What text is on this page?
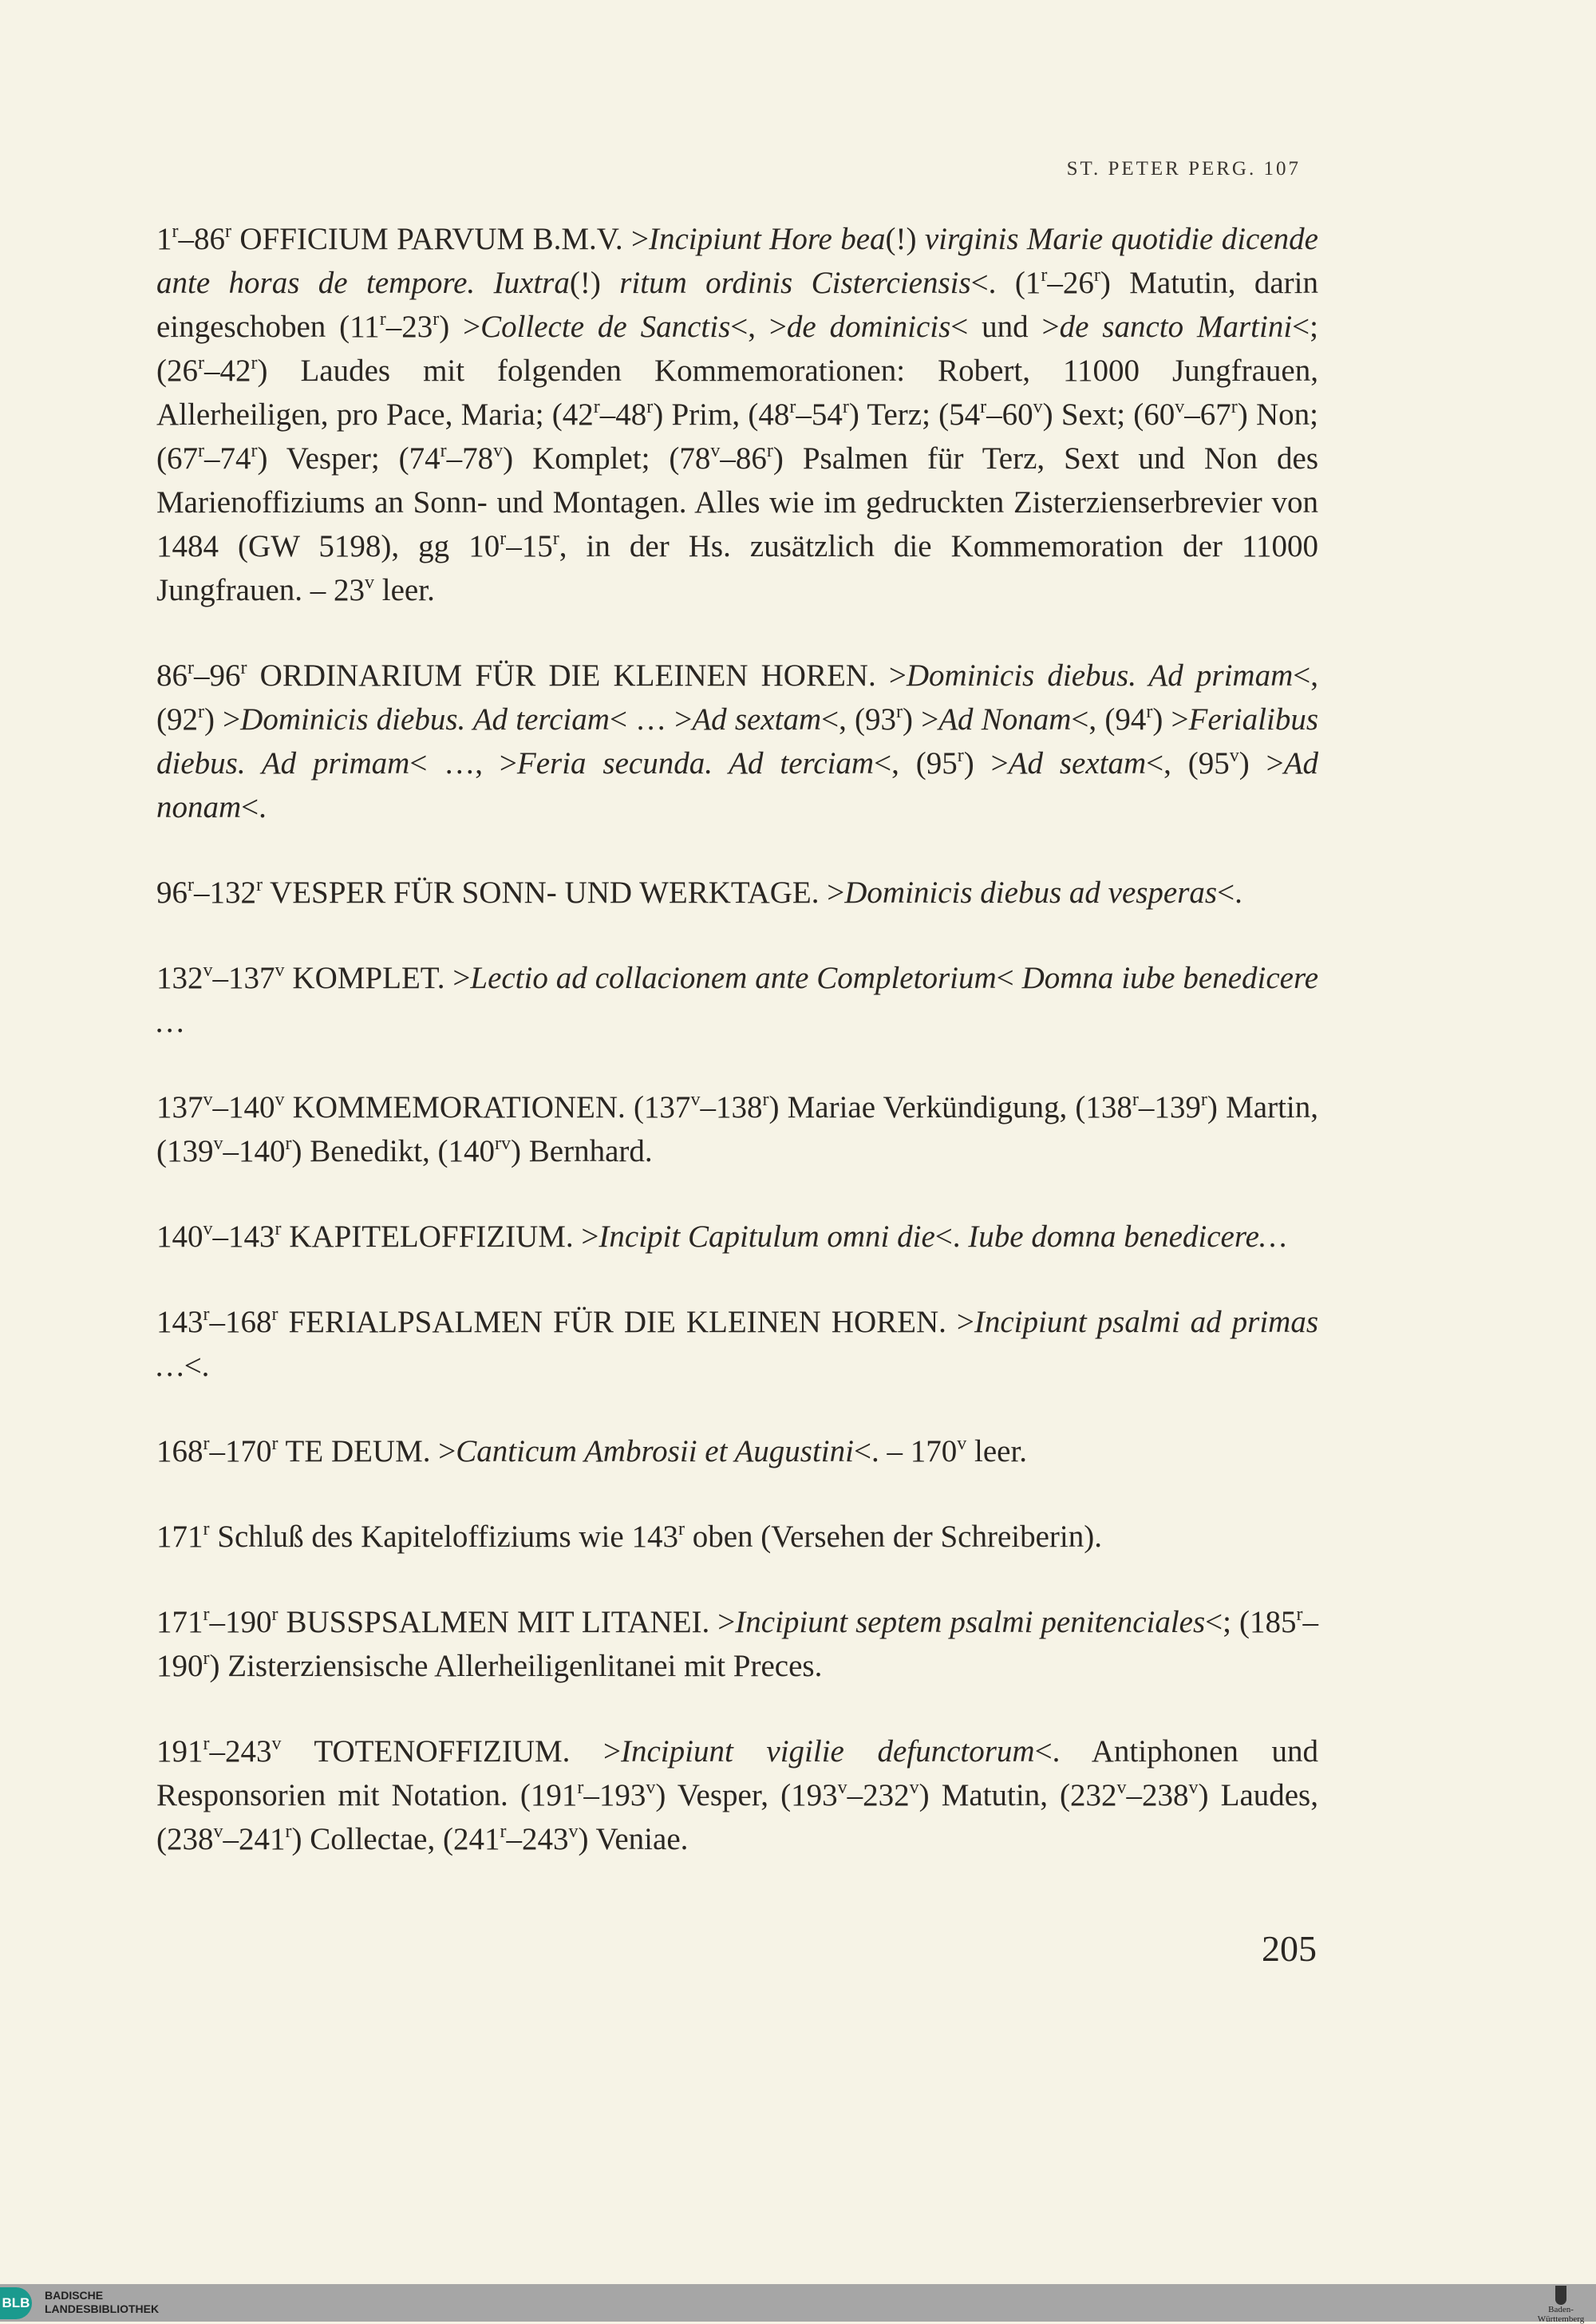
ST. PETER PERG. 107

1$^r$–86$^r$ OFFICIUM PARVUM B.M.V. >Incipiunt Hore bea(!) virginis Marie quotidie dicende ante horas de tempore. Iuxtra(!) ritum ordinis Cisterciensis<. (1$^r$–26$^r$) Matutin, darin eingeschoben $(11^r-23^r)$ >Collecte de Sanctis<, >de dominicis< und >de sancto Martini<; (26$^r$–42$^r$) Laudes mit folgenden Kommemorationen: Robert, 11000 Jungfrauen, Allerheiligen, pro Pace, Maria; (42$^r$–48$^r$) Prim, (48$^r$–54$^r$) Terz; (54$^r$–60$^v$) Sext; (60$^v$–67$^r$) Non; (67$^r$–74$^r$) Vesper; (74$^r$–78$^v$) Komplet; (78$^v$–86$^r$) Psalmen für Terz, Sext und Non des Marienoffiziums an Sonn- und Montagen. Alles wie im gedruckten Zisterzienserbrevier von 1484 (GW 5198), gg 10$^r$–15$^r$, in der Hs. zusätzlich die Kommemoration der 11000 Jungfrauen. – 23$^v$ leer.

86$^r$–96$^r$ ORDINARIUM FÜR DIE KLEINEN HOREN. >Dominicis diebus. Ad primam<, $(92^r)$ >Dominicis diebus. Ad terciam< … >Ad sextam<, $(93^r) >Ad$ Nonam<, $(94^r)$ >Ferialibus diebus. Ad primam< …, >Feria secunda. Ad terciam<, $(95^r) >Ad$ sextam<, $(95^v) >Ad$ nonam<.

96$^r$–132$^r$ VESPER FÜR SONN- UND WERKTAGE. >Dominicis diebus ad vesperas<.

132$^v$–137$^v$ KOMPLET. >Lectio ad collacionem ante Completorium< Domna iube benedicere …

137$^v$–140$^v$ KOMMEMORATIONEN. (137$^v$–138$^r$) Mariae Verkündigung, (138$^r$–139$^r$) Martin, (139$^v$–140$^r$) Benedikt, $(140^{rv})$ Bernhard.

140$^v$–143$^r$ KAPITELOFFIZIUM. >Incipit Capitulum omni die<. Iube domna benedicere…

143$^r$–168$^r$ FERIALPSALMEN FÜR DIE KLEINEN HOREN. >Incipiunt psalmi ad primas …<.

168$^r$–170$^r$ TE DEUM. >Canticum Ambrosii et Augustini<. – 170$^v$ leer.

171$^r$ Schluß des Kapiteloffiziums wie 143$^r$ oben (Versehen der Schreiberin).

171$^r$–190$^r$ BUSSPSALMEN MIT LITANEI. >Incipiunt septem psalmi penitenciales<; (185$^r$–190$^r$) Zisterziensische Allerheiligenlitanei mit Preces.

191$^r$–243$^v$ TOTENOFFIZIUM. >Incipiunt vigilie defunctorum<. Antiphonen und Responsorien mit Notation. (191$^r$–193$^v$) Vesper, (193$^v$–232$^v$) Matutin, (232$^v$–238$^v$) Laudes, (238$^v$–241$^r$) Collectae, (241$^r$–243$^v$) Veniae.

205
BLB BADISCHE
LANDESBIBLIOTHEK	Baden-Württemberg
